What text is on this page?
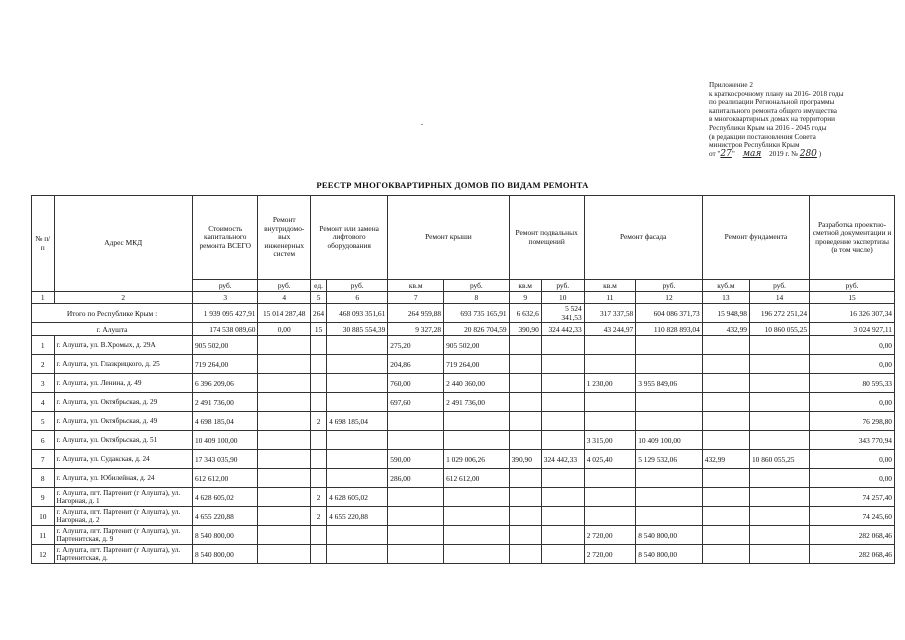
Приложение 2
к краткосрочному плану на 2016- 2018 годы
по реализации Региональной программы
капитального ремонта общего имущества
в многоквартирных домах на территории
Республики Крым на 2016 - 2045 годы
(в редакции постановления Совета
министров Республики Крым
от "27" мая 2019 г. № 280 )
РЕЕСТР МНОГОКВАРТИРНЫХ ДОМОВ ПО ВИДАМ РЕМОНТА
№ п/п	Адрес МКД	Стоимость капитального ремонта ВСЕГО	Ремонт внутридомо-вых инженерных систем	Ремонт или замена лифтового оборудования		Ремонт крыши		Ремонт подвальных помещений		Ремонт фасада		Ремонт фундамента		Разработка проектно-сметной документации и проведение экспертизы (в том числе)
		руб.	руб.	ед.	руб.	кв.м	руб.	кв.м	руб.	кв.м	руб.	куб.м	руб.	руб.
1	2	3	4	5	6	7	8	9	10	11	12	13	14	15
Итого по Республике Крым :		1 939 095 427,91	15 014 287,48	264	468 093 351,61	264 959,88	693 735 165,91	6 632,6	5 524 341,53	317 337,58	604 086 371,73	15 948,98	196 272 251,24	16 326 307,34
г. Алушта		174 538 089,60	0,00	15	30 885 554,39	9 327,28	20 826 704,59	390,90	324 442,33	43 244,97	110 828 893,04	432,99	10 860 055,25	3 024 927,11
1	г. Алушта, ул. В.Хромых, д. 29А	905 502,00				275,20	905 502,00							0,00
2	г. Алушта, ул. Глазкрицкого, д. 25	719 264,00				204,86	719 264,00							0,00
3	г. Алушта, ул. Ленина, д. 49	6 396 209,06				760,00	2 440 360,00			1 230,00	3 955 849,06			80 595,33
4	г. Алушта, ул. Октябрьская, д. 29	2 491 736,00				697,60	2 491 736,00							0,00
5	г. Алушта, ул. Октябрьская, д. 49	4 698 185,04		2	4 698 185,04									76 298,80
6	г. Алушта, ул. Октябрьская, д. 51	10 409 100,00								3 315,00	10 409 100,00			343 770,94
7	г. Алушта, ул. Судакская, д. 24	17 343 035,90				590,00	1 029 006,26	390,90	324 442,33	4 025,40	5 129 532,06	432,99	10 860 055,25	0,00
8	г. Алушта, ул. Юбилейная, д. 24	612 612,00				286,00	612 612,00							0,00
9	г. Алушта, пгт. Партенит (г Алушта), ул. Нагорная, д. 1	4 628 605,02		2	4 628 605,02									74 257,40
10	г. Алушта, пгт. Партенит (г Алушта), ул. Нагорная, д. 2	4 655 220,88		2	4 655 220,88									74 245,60
11	г. Алушта, пгт. Партенит (г Алушта), ул. Партенитская, д. 9	8 540 800,00								2 720,00	8 540 800,00			282 068,46
12	г. Алушта, пгт. Партенит (г Алушта), ул. Партенитская, д.	8 540 800,00								2 720,00	8 540 800,00			282 068,46
